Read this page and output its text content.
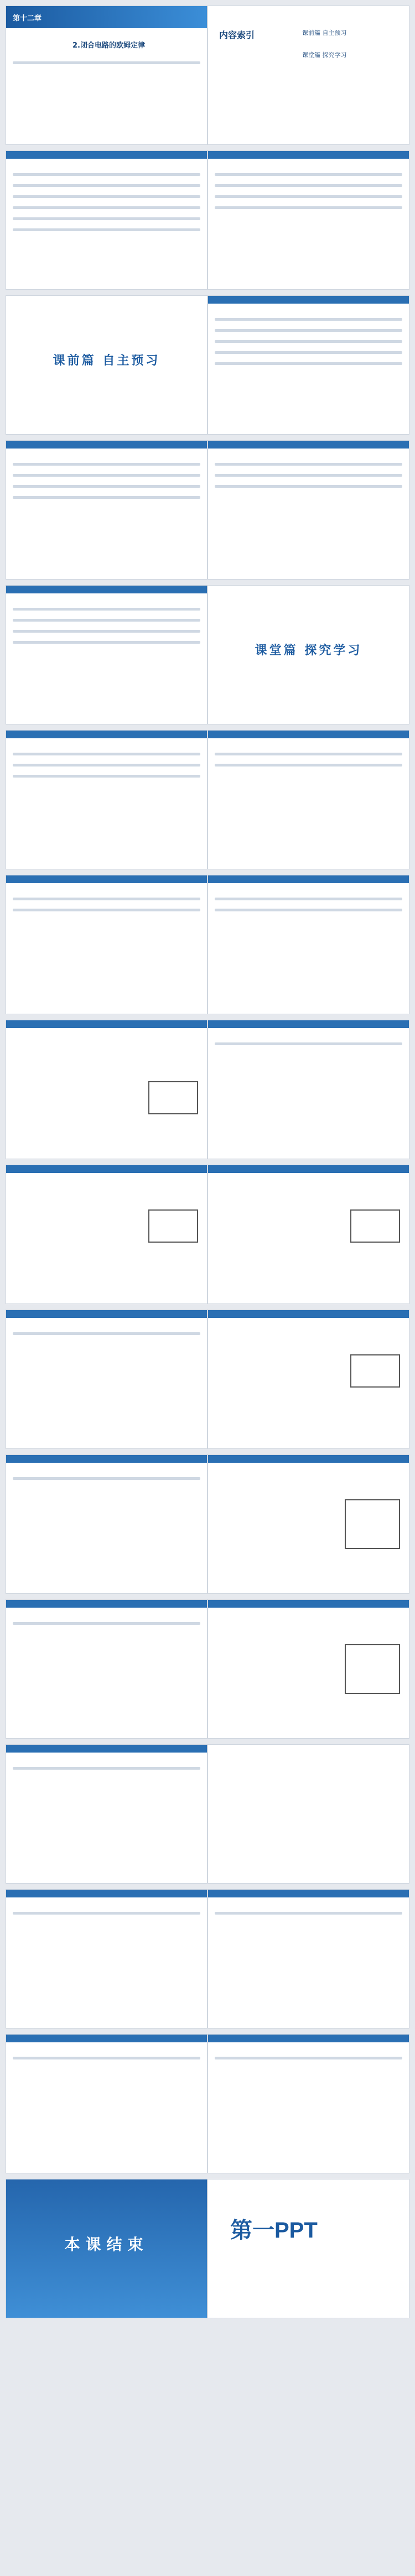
第十二章
2.闭合电路的欧姆定律
内容索引	课前篇 自主预习
课堂篇 探究学习
课前篇 自主预习
课堂篇 探究学习
本课结束
第一PPT
